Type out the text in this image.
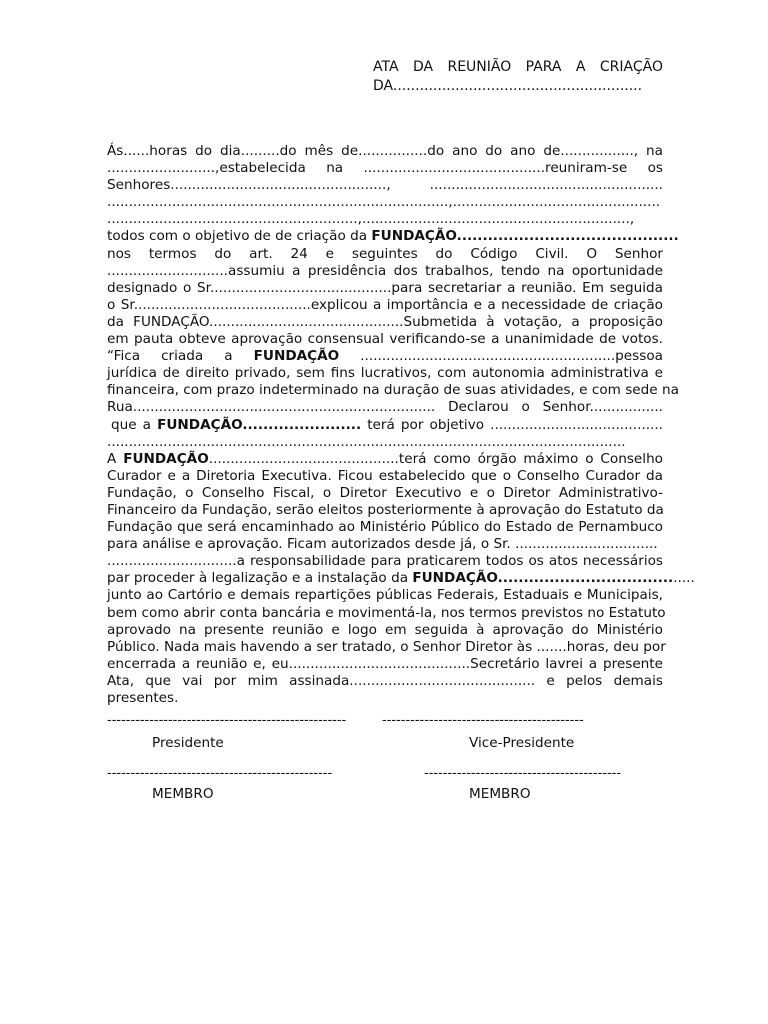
ATA DA REUNIÃO PARA A CRIAÇÃO
DA........................................................
Ás......horas do dia.........do mês de................do ano do ano de................., na
.........................,estabelecida na ..........................................reuniram-se os
Senhores.................................................., ......................................................
...............................................................................,................................................
..........................................................,..............................................................,
todos com o objetivo de de criação da FUNDAÇÃO...........................................
nos termos do art. 24 e seguintes do Código Civil. O Senhor
............................assumiu a presidência dos trabalhos, tendo na oportunidade
designado o Sr..........................................para secretariar a reunião. Em seguida
o Sr.........................................explicou a importância e a necessidade de criação
da FUNDAÇÃO.............................................Submetida à votação, a proposição
em pauta obteve aprovação consensual verificando-se a unanimidade de votos.
“Fica criada a FUNDAÇÃO ...........................................................pessoa
jurídica de direito privado, sem fins lucrativos, com autonomia administrativa e
financeira, com prazo indeterminado na duração de suas atividades, e com sede na
Rua...................................................................... Declarou o Senhor.................
que a FUNDAÇÃO....................... terá por objetivo ........................................
........................................................................................................................
A FUNDAÇÃO............................................terá como órgão máximo o Conselho
Curador e a Diretoria Executiva. Ficou estabelecido que o Conselho Curador da
Fundação, o Conselho Fiscal, o Diretor Executivo e o Diretor Administrativo-
Financeiro da Fundação, serão eleitos posteriormente à aprovação do Estatuto da
Fundação que será encaminhado ao Ministério Público do Estado de Pernambuco
para análise e aprovação. Ficam autorizados desde já, o Sr. .................................
..............................a responsabilidade para praticarem todos os atos necessários
par proceder à legalização e a instalação da FUNDAÇÃO.......................................
junto ao Cartório e demais repartições públicas Federais, Estaduais e Municipais,
bem como abrir conta bancária e movimentá-la, nos termos previstos no Estatuto
aprovado na presente reunião e logo em seguida à aprovação do Ministério
Público. Nada mais havendo a ser tratado, o Senhor Diretor às .......horas, deu por
encerrada a reunião e, eu..........................................Secretário lavrei a presente
Ata, que vai por mim assinada........................................... e pelos demais
presentes.
---------------------------------------------------	-------------------------------------------
Presidente	Vice-Presidente
------------------------------------------------	------------------------------------------
MEMBRO	MEMBRO
